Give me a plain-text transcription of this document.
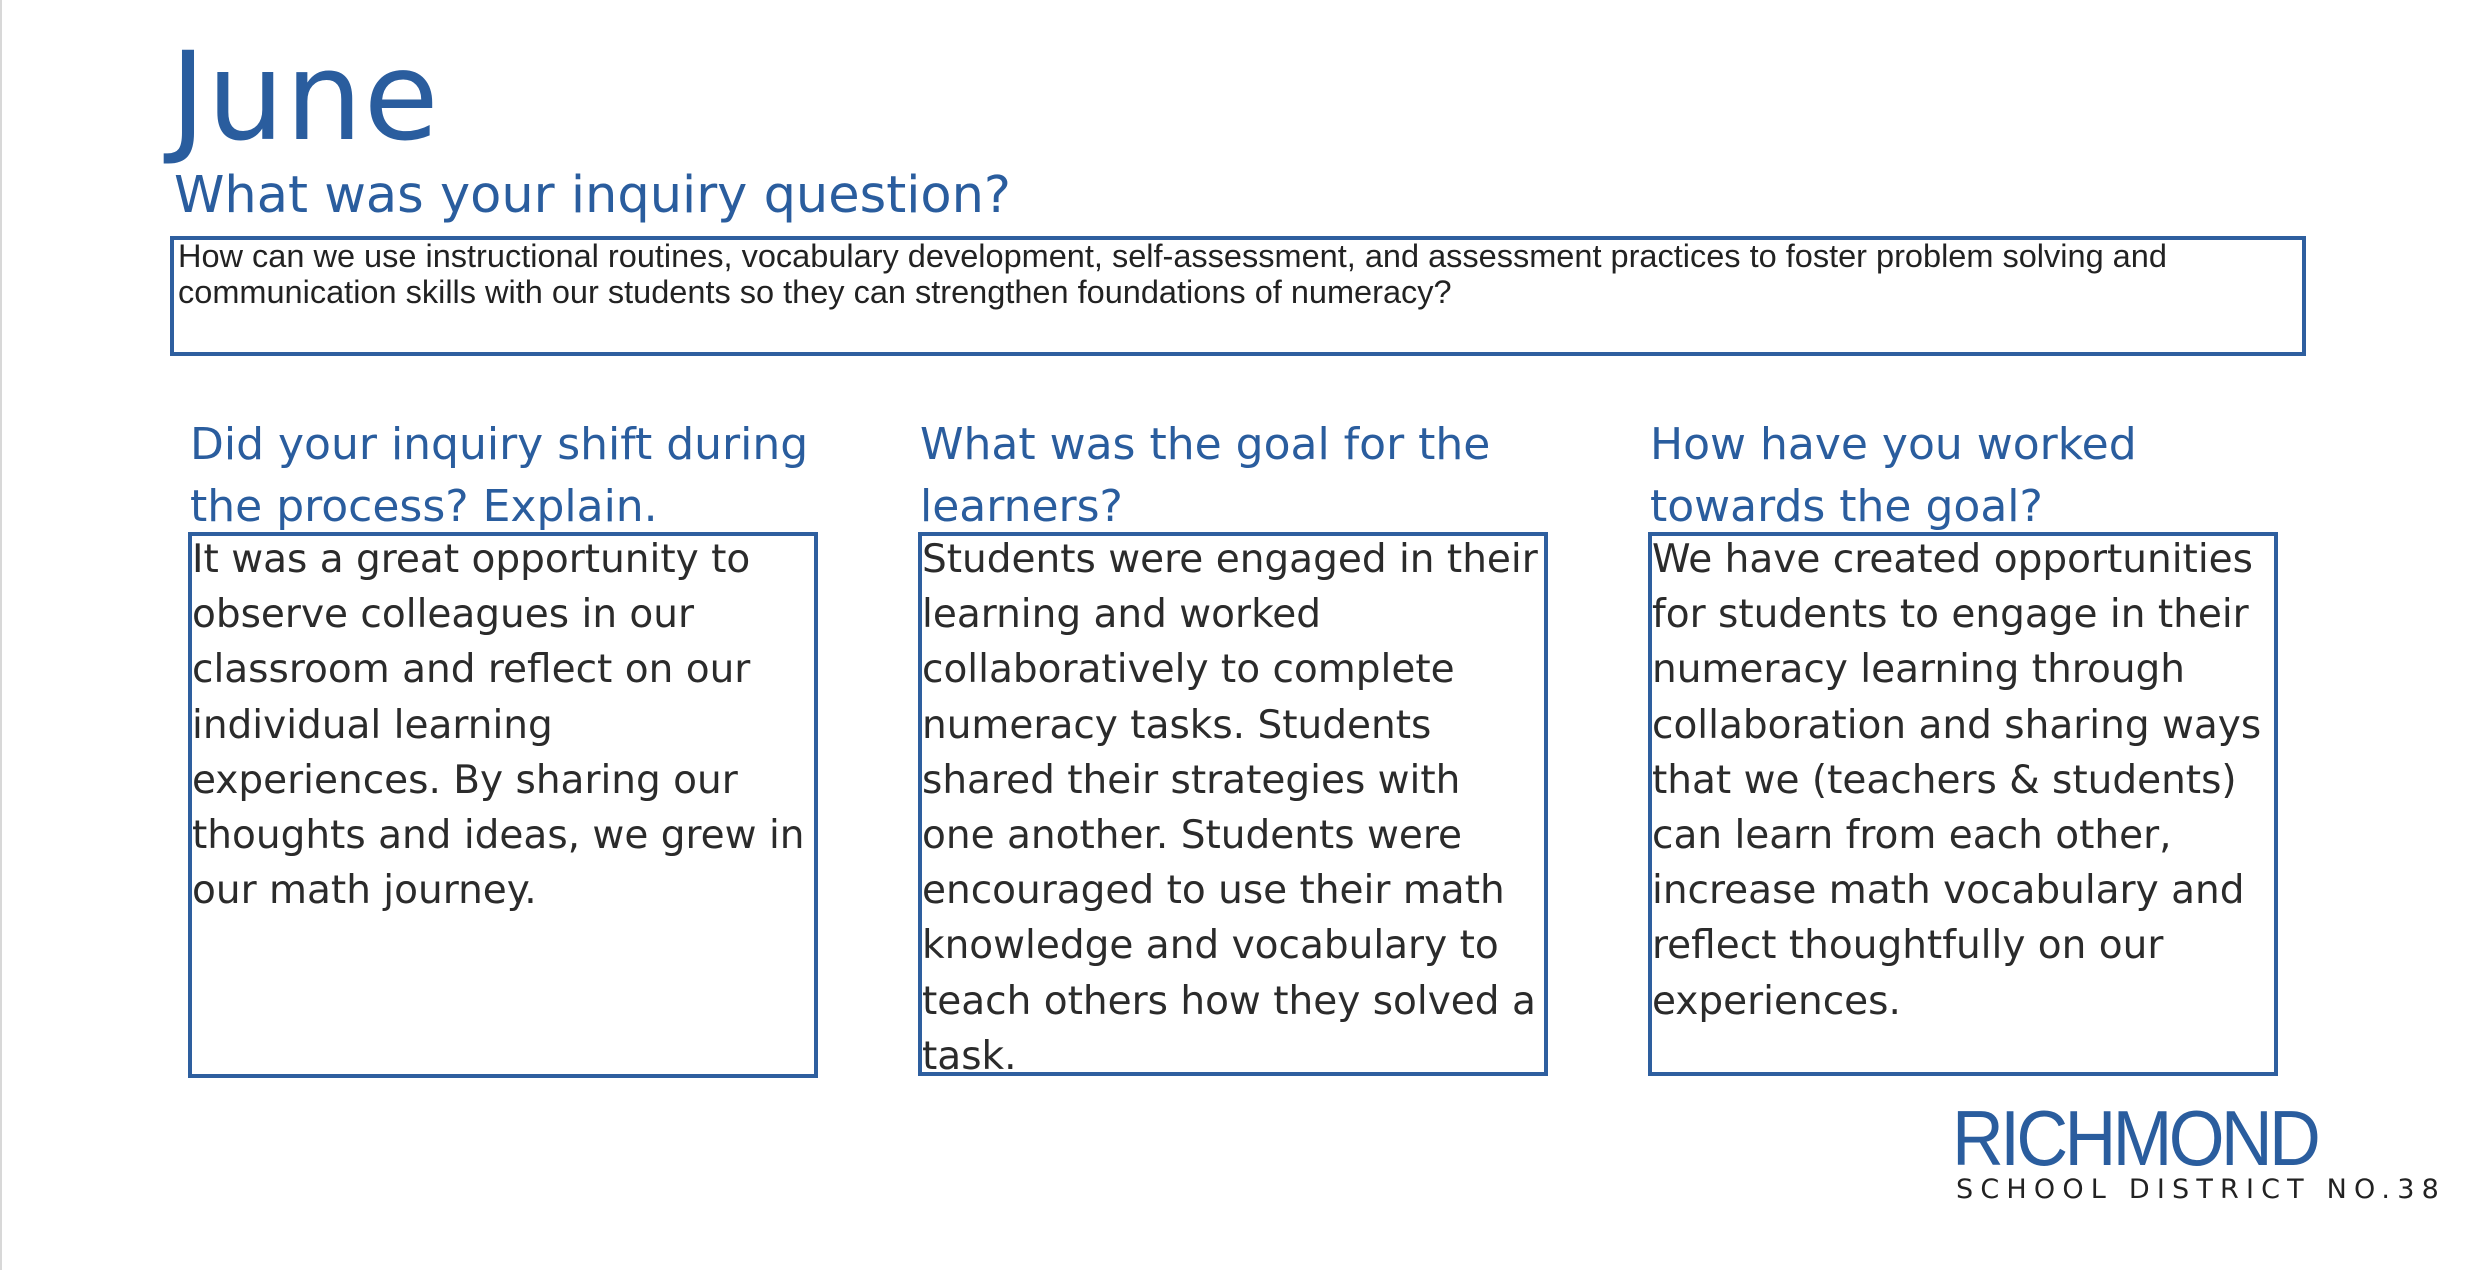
June
What was your inquiry question?

How can we use instructional routines, vocabulary development, self-assessment, and assessment practices to foster problem solving and communication skills with our students so they can strengthen foundations of numeracy?

Did your inquiry shift during the process? Explain.

It was a great opportunity to observe colleagues in our classroom and reflect on our individual learning experiences. By sharing our thoughts and ideas, we grew in our math journey.

What was the goal for the learners?

Students were engaged in their learning and worked collaboratively to complete numeracy tasks. Students shared their strategies with one another. Students were encouraged to use their math knowledge and vocabulary to teach others how they solved a task.

How have you worked towards the goal?

We have created opportunities for students to engage in their numeracy learning through collaboration and sharing ways that we (teachers & students) can learn from each other, increase math vocabulary and reflect thoughtfully on our experiences.

RICHMOND
SCHOOL DISTRICT NO.38
